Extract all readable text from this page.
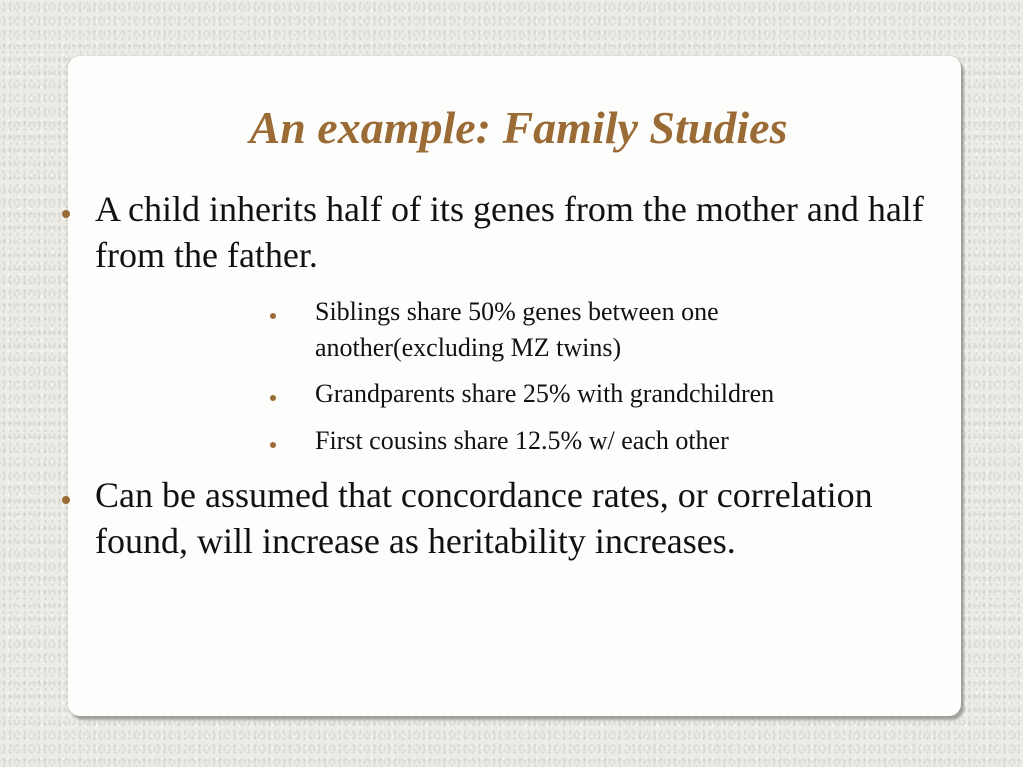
An example: Family Studies
A child inherits half of its genes from the mother and half from the father.
Siblings share 50% genes between one another(excluding MZ twins)
Grandparents share 25% with grandchildren
First cousins share 12.5% w/ each other
Can be assumed that concordance rates, or correlation found, will increase as heritability increases.
